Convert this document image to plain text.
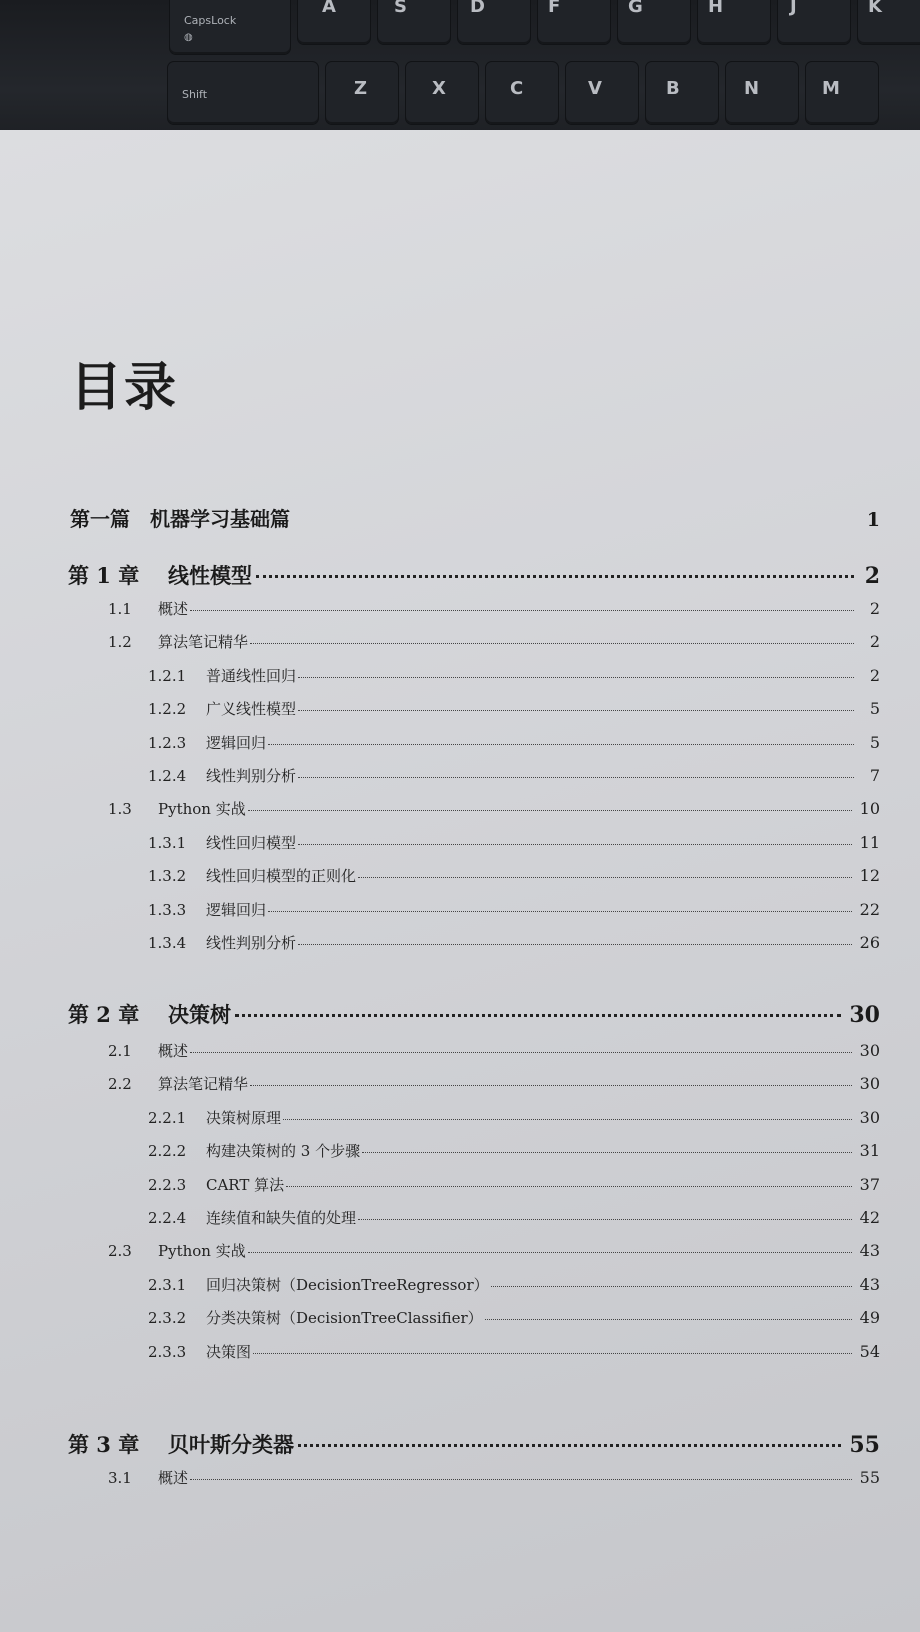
CapsLock
◍
A	S	D	F	G	H	J	K
Shift	Z	X	C	V	B	N	M
目录
第一篇　机器学习基础篇	1
第 1 章	线性模型	2
1.1	概述	2
1.2	算法笔记精华	2
1.2.1	普通线性回归	2
1.2.2	广义线性模型	5
1.2.3	逻辑回归	5
1.2.4	线性判别分析	7
1.3	Python 实战	10
1.3.1	线性回归模型	11
1.3.2	线性回归模型的正则化	12
1.3.3	逻辑回归	22
1.3.4	线性判别分析	26
第 2 章	决策树	30
2.1	概述	30
2.2	算法笔记精华	30
2.2.1	决策树原理	30
2.2.2	构建决策树的 3 个步骤	31
2.2.3	CART 算法	37
2.2.4	连续值和缺失值的处理	42
2.3	Python 实战	43
2.3.1	回归决策树（DecisionTreeRegressor）	43
2.3.2	分类决策树（DecisionTreeClassifier）	49
2.3.3	决策图	54
第 3 章	贝叶斯分类器	55
3.1	概述	55
